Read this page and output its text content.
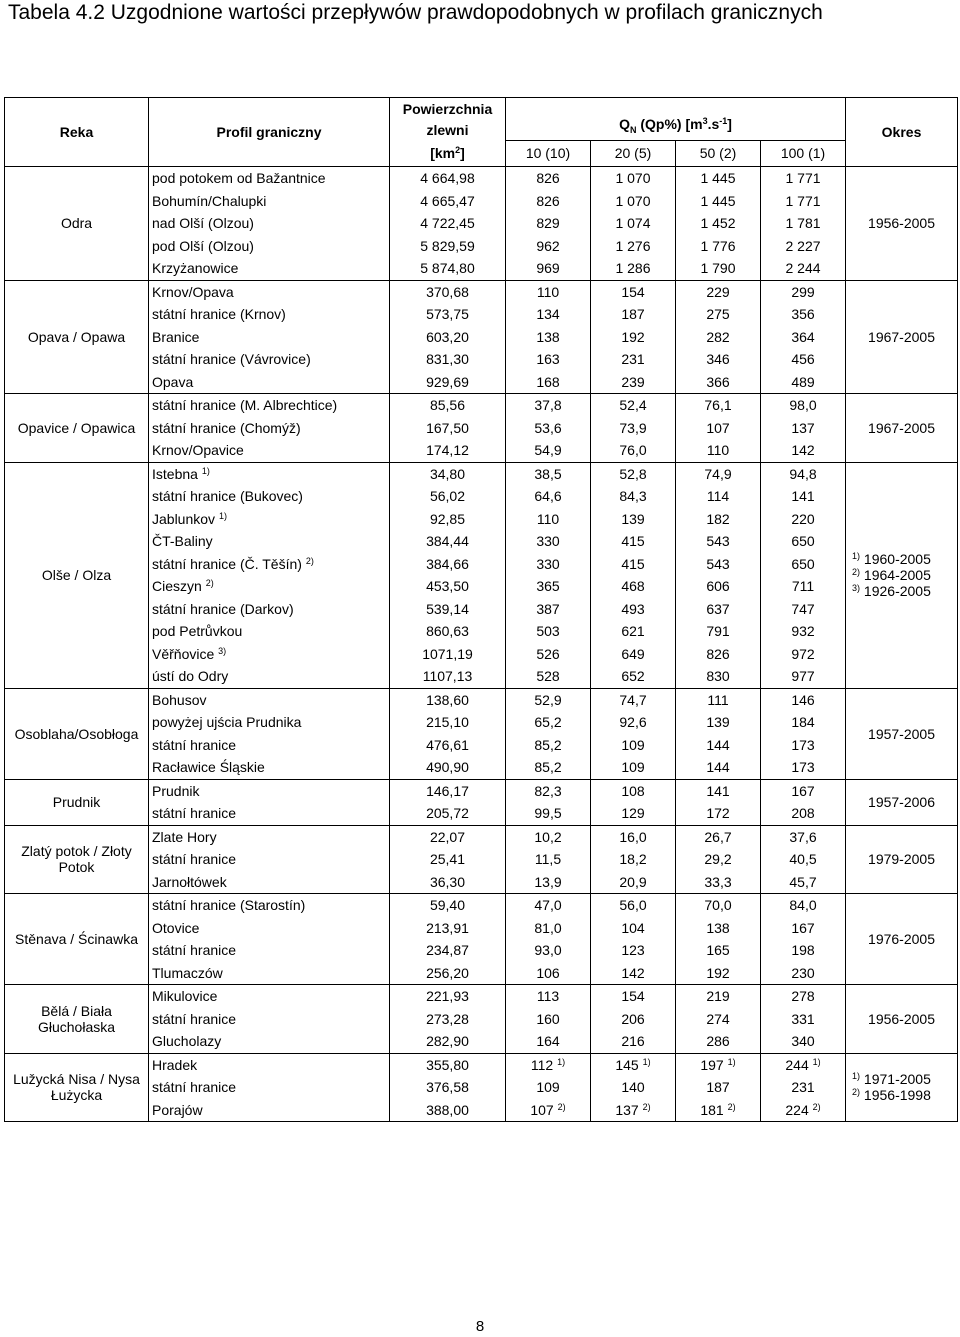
Tabela 4.2 Uzgodnione wartości przepływów prawdopodobnych w profilach granicznych
Reka	Profil graniczny	Powierzchnia	$Q_N$ (Qp%) $[m^3.s^{-1}]$				Okres
		zlewni					
		$[km^2]$	10 (10)	20 (5)	50 (2)	100 (1)	
Odra	pod potokem od Bažantnice	4 664,98	826	1 070	1 445	1 771	1956-2005
	Bohumín/Chalupki	4 665,47	826	1 070	1 445	1 771	
	nad Olší (Olzou)	4 722,45	829	1 074	1 452	1 781	
	pod Olší (Olzou)	5 829,59	962	1 276	1 776	2 227	
	Krzyżanowice	5 874,80	969	1 286	1 790	2 244	
Opava / Opawa	Krnov/Opava	370,68	110	154	229	299	1967-2005
	státní hranice (Krnov)	573,75	134	187	275	356	
	Branice	603,20	138	192	282	364	
	státní hranice (Vávrovice)	831,30	163	231	346	456	
	Opava	929,69	168	239	366	489	
Opavice / Opawica	státní hranice (M. Albrechtice)	85,56	37,8	52,4	76,1	98,0	1967-2005
	státní hranice (Chomýž)	167,50	53,6	73,9	107	137	
	Krnov/Opavice	174,12	54,9	76,0	110	142	
Olše / Olza	Istebna $^{1)}$	34,80	38,5	52,8	74,9	94,8	$^{1)}$ 1960-2005
$^{2)}$ 1964-2005
$^{3)}$ 1926-2005

	státní hranice (Bukovec)	56,02	64,6	84,3	114	141	
	Jablunkov $^{1)}$	92,85	110	139	182	220	
	ČT-Baliny	384,44	330	415	543	650	
	státní hranice (Č. Těšín) $^{2)}$	384,66	330	415	543	650	
	Cieszyn $^{2)}$	453,50	365	468	606	711	
	státní hranice (Darkov)	539,14	387	493	637	747	
	pod Petrůvkou	860,63	503	621	791	932	
	Věřňovice $^{3)}$	1071,19	526	649	826	972	
	ústí do Odry	1107,13	528	652	830	977	
Osoblaha/Osobłoga	Bohusov	138,60	52,9	74,7	111	146	1957-2005
	powyżej ujścia Prudnika	215,10	65,2	92,6	139	184	
	státní hranice	476,61	85,2	109	144	173	
	Racławice Śląskie	490,90	85,2	109	144	173	
Prudnik	Prudnik	146,17	82,3	108	141	167	1957-2006
	státní hranice	205,72	99,5	129	172	208	
Zlatý potok / Złoty Potok	Zlate Hory	22,07	10,2	16,0	26,7	37,6	1979-2005
	státní hranice	25,41	11,5	18,2	29,2	40,5	
	Jarnołtówek	36,30	13,9	20,9	33,3	45,7	
Stěnava / Ścinawka	státní hranice (Starostín)	59,40	47,0	56,0	70,0	84,0	1976-2005
	Otovice	213,91	81,0	104	138	167	
	státní hranice	234,87	93,0	123	165	198	
	Tlumaczów	256,20	106	142	192	230	
Bělá / Biała Głuchołaska	Mikulovice	221,93	113	154	219	278	1956-2005
	státní hranice	273,28	160	206	274	331	
	Glucholazy	282,90	164	216	286	340	
Lužycká Nisa / Nysa Łużycka	Hradek	355,80	112 $^{1)}$	145 $^{1)}$	197 $^{1)}$	244 $^{1)}$	$^{1)}$ 1971-2005
$^{2)}$ 1956-1998

	státní hranice	376,58	109	140	187	231	
	Porajów	388,00	107 $^{2)}$	137 $^{2)}$	181 $^{2)}$	224 $^{2)}$
8
